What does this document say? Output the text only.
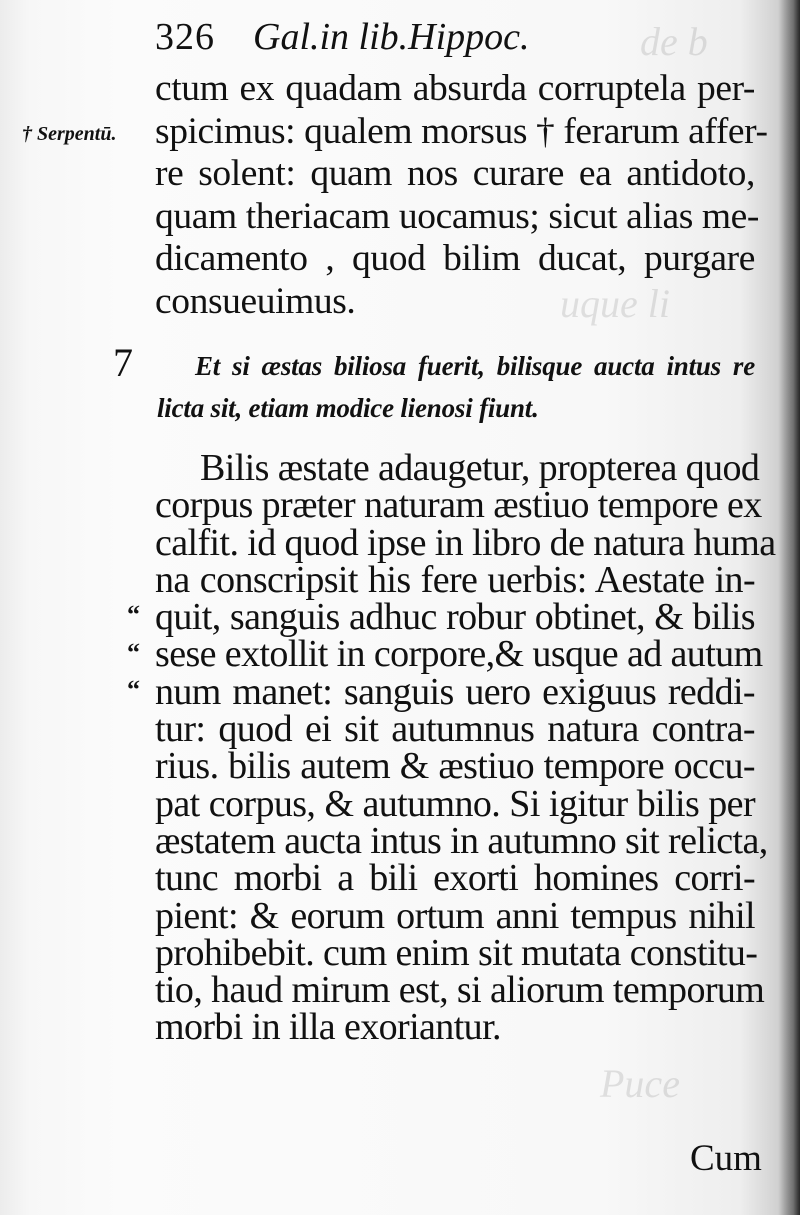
de b
uque li
Puce
326 Gal.in lib.Hippoc.
† Serpentū.
ctum ex quadam absurda corruptela per-
spicimus: qualem morsus † ferarum affer-
re solent: quam nos curare ea antidoto,
quam theriacam uocamus; sicut alias me-
dicamento , quod bilim ducat, purgare
consueuimus.
7 Et si æstas biliosa fuerit, bilisque aucta intus re
licta sit, etiam modice lienosi fiunt.
Bilis æstate adaugetur, propterea quod
corpus præter naturam æstiuo tempore ex
calfit. id quod ipse in libro de natura huma
na conscripsit his fere uerbis: Aestate in-
quit, sanguis adhuc robur obtinet, & bilis
sese extollit in corpore,& usque ad autum
num manet: sanguis uero exiguus reddi-
tur: quod ei sit autumnus natura contra-
rius. bilis autem & æstiuo tempore occu-
pat corpus, & autumno. Si igitur bilis per
æstatem aucta intus in autumno sit relicta,
tunc morbi a bili exorti homines corri-
pient: & eorum ortum anni tempus nihil
prohibebit. cum enim sit mutata constitu-
tio, haud mirum est, si aliorum temporum
morbi in illa exoriantur.
“
“
“
Cum
